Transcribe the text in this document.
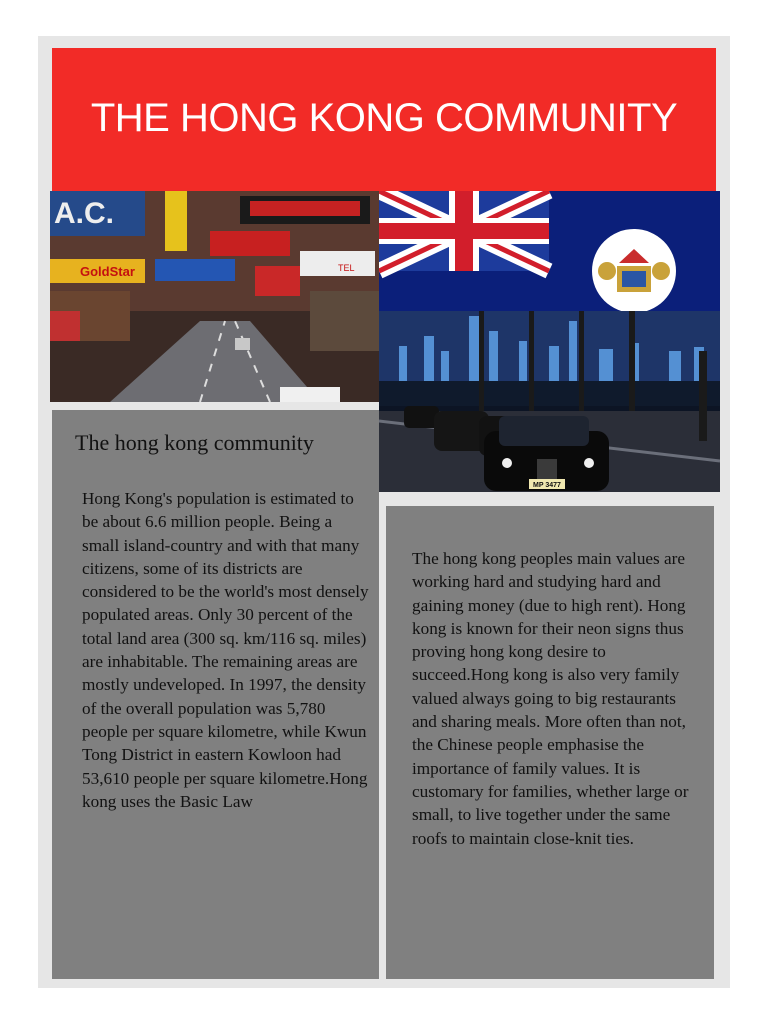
THE HONG KONG COMMUNITY
A.C.
GoldStar	TEL
MP 3477
The hong kong community

Hong Kong's population is estimated to be about 6.6 million people. Being a small island-country and with that many citizens, some of its districts are considered to be the world's most densely populated areas. Only 30 percent of the total land area (300 sq. km/116 sq. miles) are inhabitable. The remaining areas are mostly undeveloped. In 1997, the density of the overall population was 5,780 people per square kilometre, while Kwun Tong District in eastern Kowloon had 53,610 people per square kilometre.Hong kong uses the Basic Law

The hong kong peoples main values are working hard and studying hard and gaining money (due to high rent). Hong kong is known for their neon signs thus proving hong kong desire to succeed.Hong kong is also very family valued always going to big restaurants and sharing meals. More often than not, the Chinese people emphasise the importance of family values. It is customary for families, whether large or small, to live together under the same roofs to maintain close-knit ties.
